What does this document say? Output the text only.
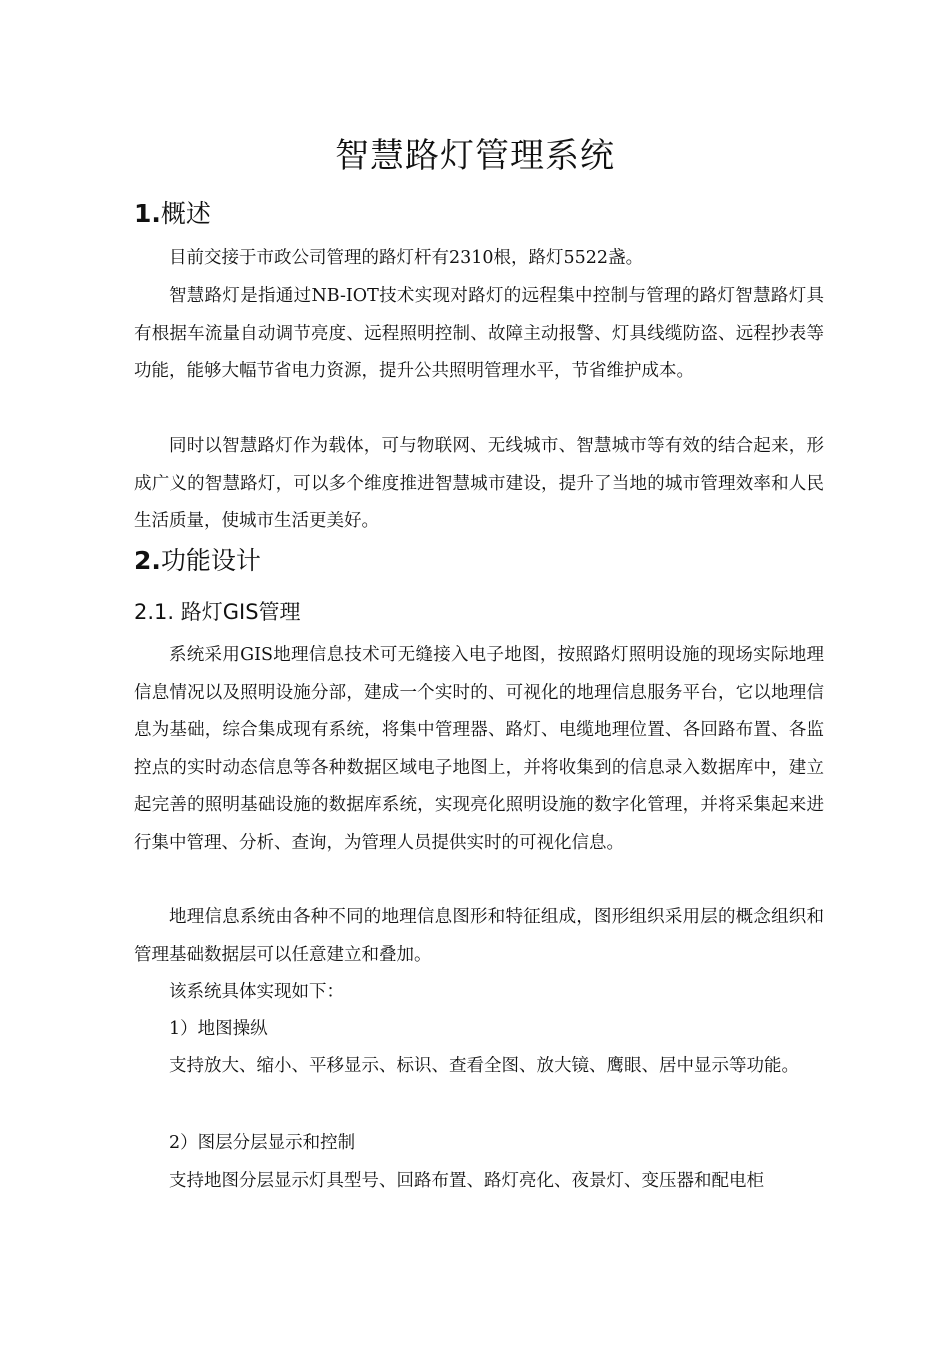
智慧路灯管理系统
1.概述

目前交接于市政公司管理的路灯杆有2310根，路灯5522盏。

智慧路灯是指通过NB-IOT技术实现对路灯的远程集中控制与管理的路灯智慧路灯具有根据车流量自动调节亮度、远程照明控制、故障主动报警、灯具线缆防盗、远程抄表等功能，能够大幅节省电力资源，提升公共照明管理水平，节省维护成本。

同时以智慧路灯作为载体，可与物联网、无线城市、智慧城市等有效的结合起来，形成广义的智慧路灯，可以多个维度推进智慧城市建设，提升了当地的城市管理效率和人民生活质量，使城市生活更美好。

2.功能设计
2.1. 路灯GIS管理

系统采用GIS地理信息技术可无缝接入电子地图，按照路灯照明设施的现场实际地理信息情况以及照明设施分部，建成一个实时的、可视化的地理信息服务平台，它以地理信息为基础，综合集成现有系统，将集中管理器、路灯、电缆地理位置、各回路布置、各监控点的实时动态信息等各种数据区域电子地图上，并将收集到的信息录入数据库中，建立起完善的照明基础设施的数据库系统，实现亮化照明设施的数字化管理，并将采集起来进行集中管理、分析、查询，为管理人员提供实时的可视化信息。

地理信息系统由各种不同的地理信息图形和特征组成，图形组织采用层的概念组织和管理基础数据层可以任意建立和叠加。

该系统具体实现如下：

1）地图操纵

支持放大、缩小、平移显示、标识、查看全图、放大镜、鹰眼、居中显示等功能。

2）图层分层显示和控制

支持地图分层显示灯具型号、回路布置、路灯亮化、夜景灯、变压器和配电柜
